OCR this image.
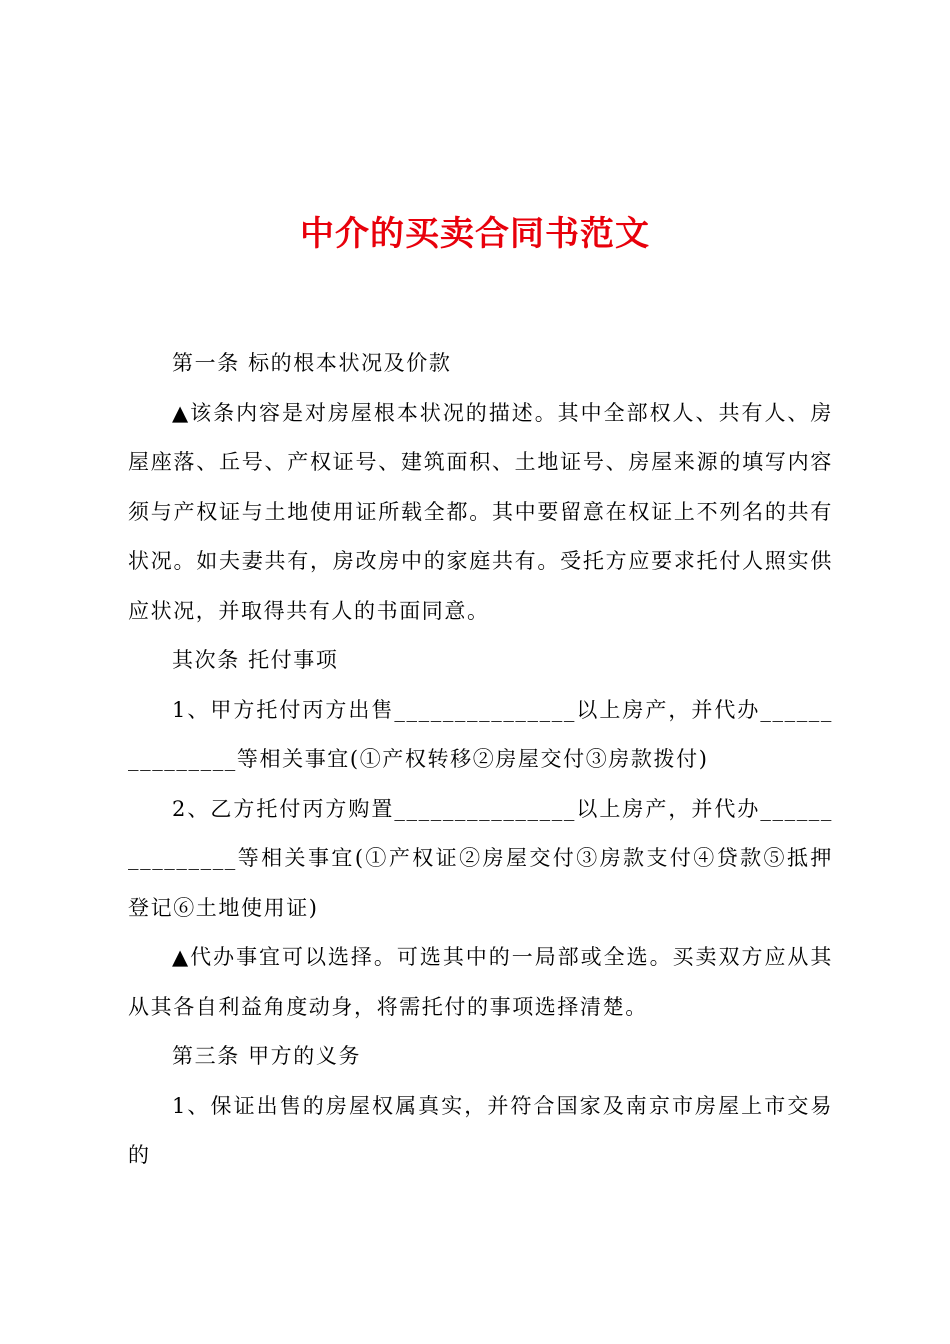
中介的买卖合同书范文

第一条 标的根本状况及价款

▲该条内容是对房屋根本状况的描述。其中全部权人、共有人、房屋座落、丘号、产权证号、建筑面积、土地证号、房屋来源的填写内容须与产权证与土地使用证所载全都。其中要留意在权证上不列名的共有状况。如夫妻共有，房改房中的家庭共有。受托方应要求托付人照实供应状况，并取得共有人的书面同意。

其次条 托付事项

1、甲方托付丙方出售_______________以上房产，并代办_______________等相关事宜(①产权转移②房屋交付③房款拨付)

2、乙方托付丙方购置_______________以上房产，并代办_______________等相关事宜(①产权证②房屋交付③房款支付④贷款⑤抵押登记⑥土地使用证)

▲代办事宜可以选择。可选其中的一局部或全选。买卖双方应从其从其各自利益角度动身，将需托付的事项选择清楚。

第三条 甲方的义务

1、保证出售的房屋权属真实，并符合国家及南京市房屋上市交易的
